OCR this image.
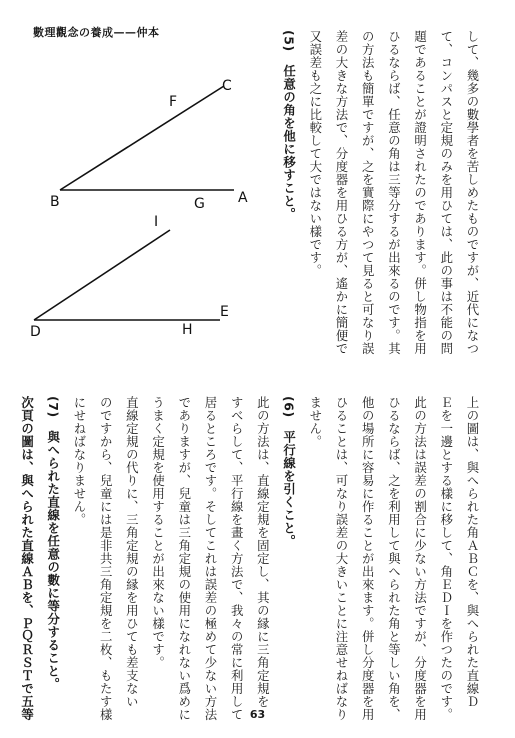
數理觀念の養成——仲本
C
F
B	G A
I
D	H
E	して、幾多の數學者を苦しめたものですが、近代になつ
て、コンパスと定規のみを用ひては、此の事は不能の問
題であることが證明されたのであります。併し物指を用
ひるならば、任意の角は三等分するが出來るのです。其
の方法も簡單ですが、之を實際にやつて見ると可なり誤
差の大きな方法で、分度器を用ひる方が、遙かに簡便で
又誤差も之に比較して大ではない樣です。
(5)　任意の角を他に移すこと。
上の圖は、與へられた角ＡＢＣを、與へられた直線Ｄ
Ｅを一邊とする樣に移して、角ＥＤＩを作つたのです。
此の方法は誤差の割合に少ない方法ですが、分度器を用
ひるならば、之を利用して與へられた角と等しい角を、
他の場所に容易に作ることが出來ます。併し分度器を用
ひることは、可なり誤差の大きいことに注意せねばなり
ません。
(6)　平行線を引くこと。
此の方法は、直線定規を固定し、其の縁に三角定規を
すべらして、平行線を畫く方法で、我々の常に利用して
居るところです。そしてこれは誤差の極めて少ない方法
でありますが、兒童は三角定規の使用になれない爲めに
うまく定規を使用することが出來ない樣です。
直線定規の代りに、三角定規の縁を用ひても差支ない
のですから、兒童には是非共三角定規を二枚、もたす樣
にせねばなりません。
(7)　與へられた直線を任意の數に等分すること。
次頁の圖は、與へられた直線ＡＢを、ＰＱＲＳＴで五等	63
